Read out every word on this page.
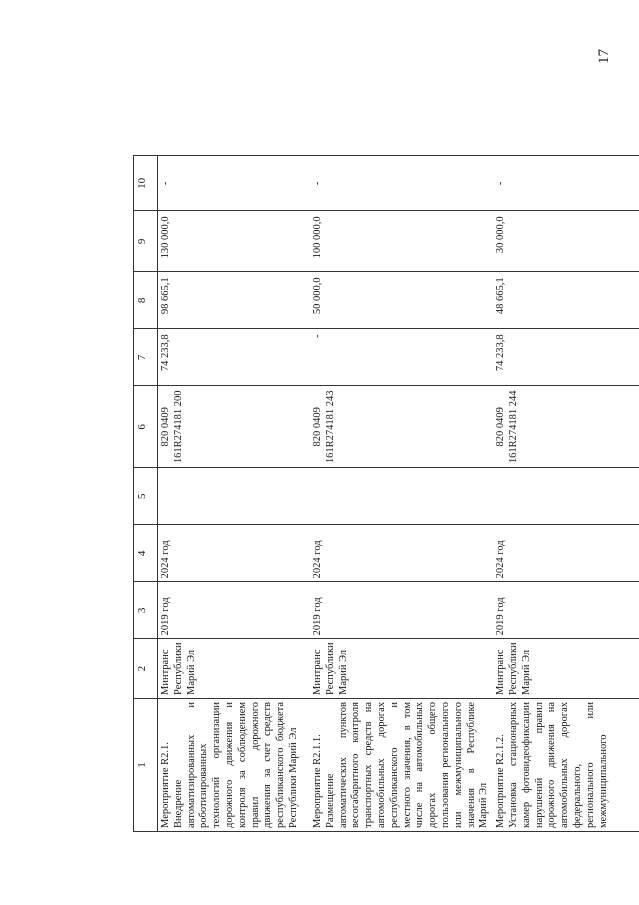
17
1	2	3	4	5	6	7	8	9	10
Мероприятие R2.1. Внедрение автоматизированных и роботизированных технологий организации дорожного движения и контроля за соблюдением правил дорожного движения за счет средств республиканского бюджета Республики Марий Эл	Минтранс Республики Марий Эл	2019 год	2024 год		820 0409 161R274181 200	74 233,8	98 665,1	130 000,0	-
Мероприятие R2.1.1. Размещение автоматических пунктов весогабаритного контроля транспортных средств на автомобильных дорогах республиканского и местного значения, в том числе на автомобильных дорогах общего пользования регионального или межмуниципального значения в Республике Марий Эл	Минтранс Республики Марий Эл	2019 год	2024 год		820 0409 161R274181 243	-	50 000,0	100 000,0	-
Мероприятие R2.1.2. Установка стационарных камер фотовидеофиксации нарушений правил дорожного движения на автомобильных дорогах федерального, регионального или межмуниципального	Минтранс Республики Марий Эл	2019 год	2024 год		820 0409 161R274181 244	74 233,8	48 665,1	30 000,0	-
